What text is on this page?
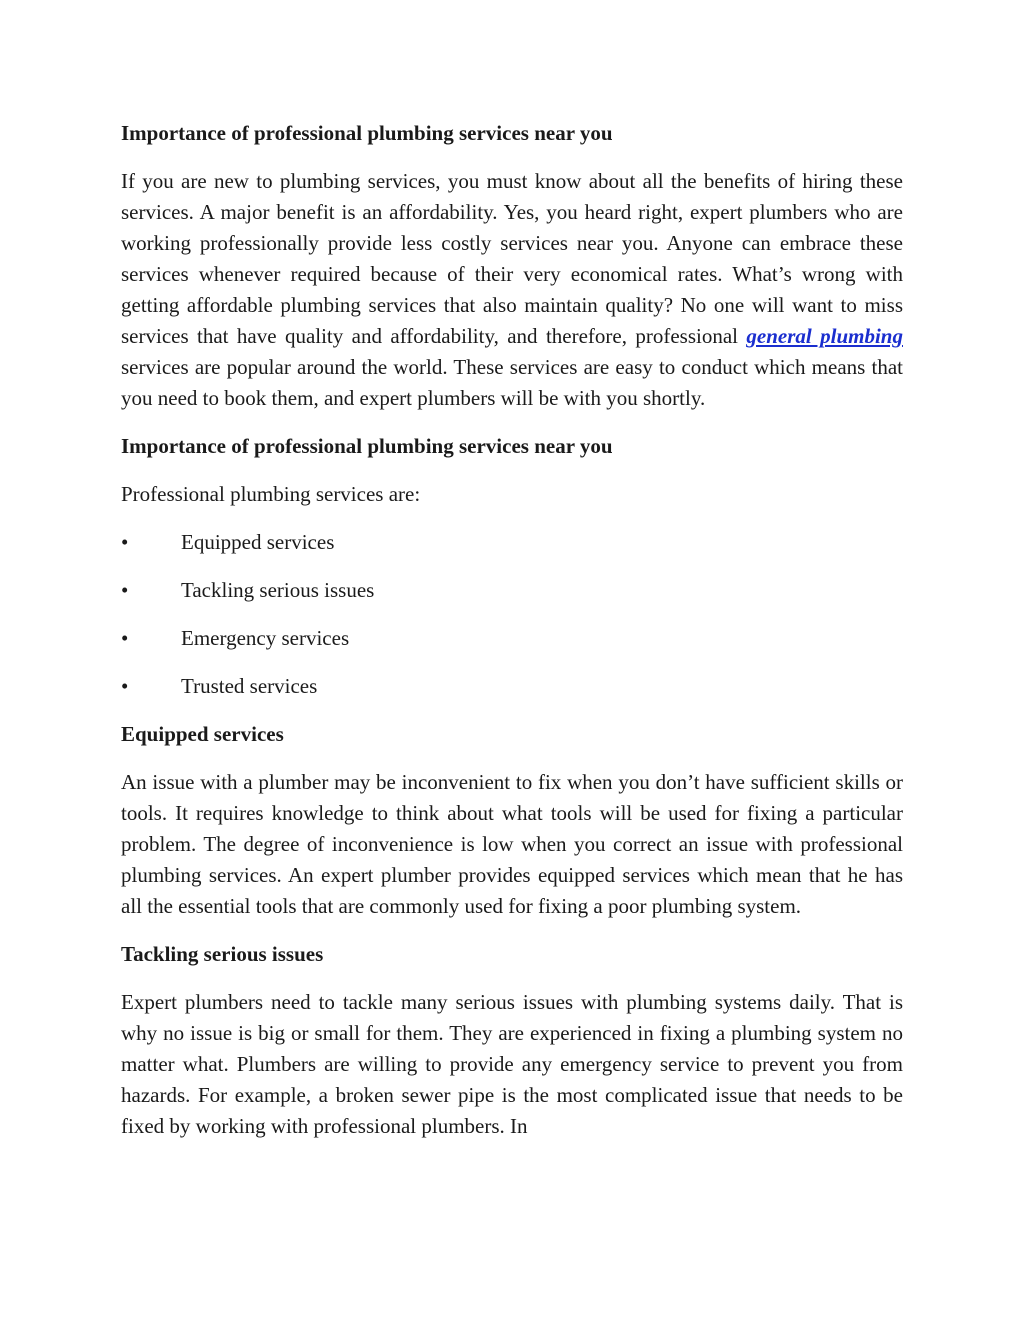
Importance of professional plumbing services near you

If you are new to plumbing services, you must know about all the benefits of hiring these services. A major benefit is an affordability. Yes, you heard right, expert plumbers who are working professionally provide less costly services near you. Anyone can embrace these services whenever required because of their very economical rates. What’s wrong with getting affordable plumbing services that also maintain quality? No one will want to miss services that have quality and affordability, and therefore, professional general plumbing services are popular around the world. These services are easy to conduct which means that you need to book them, and expert plumbers will be with you shortly.

Importance of professional plumbing services near you

Professional plumbing services are:

•	Equipped services
•	Tackling serious issues
•	Emergency services
•	Trusted services
Equipped services

An issue with a plumber may be inconvenient to fix when you don’t have sufficient skills or tools. It requires knowledge to think about what tools will be used for fixing a particular problem. The degree of inconvenience is low when you correct an issue with professional plumbing services. An expert plumber provides equipped services which mean that he has all the essential tools that are commonly used for fixing a poor plumbing system.

Tackling serious issues

Expert plumbers need to tackle many serious issues with plumbing systems daily. That is why no issue is big or small for them. They are experienced in fixing a plumbing system no matter what. Plumbers are willing to provide any emergency service to prevent you from hazards. For example, a broken sewer pipe is the most complicated issue that needs to be fixed by working with professional plumbers. In
